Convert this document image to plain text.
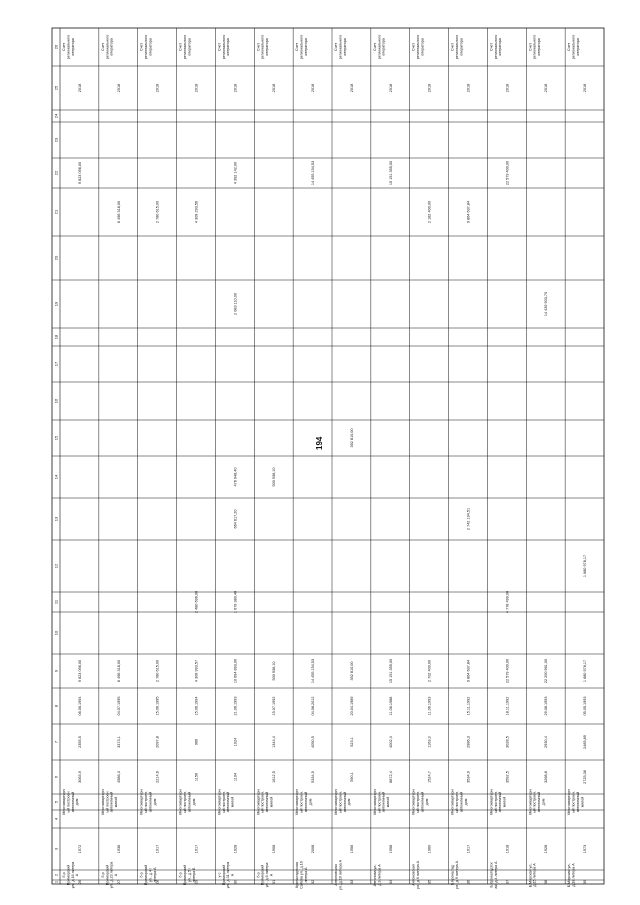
194
1
2
3
4
5
6
7
8
9
10
11
12
13
14
15
16
17
18
19
20
21
22
23
24
25
26
26
б-р Приморский ул., д.16 литера А
1972
Многоквартирн ый построен автономный дом
3063,9
2355,5
06.06.1994
9 823 096,00
9 823 096,00
2018
Счет регионального оператора
27
б-р Приморский ул., д.23 литера А
1936
Многоквартирн ый построен автономный жилой
4586,3
3373,1
04.07.1995
6 496 318,00
6 496 318,00
2018
Счет регионального оператора
28
б-р Приморский ул., д.4 / литера А
1917
Многоквартирн ый построен, автономный дом
2214,6
2097,8
15.06.1995
2 780 615,00
2 780 615,00
2018
Счет регионального оператора
29
б-р Приморский ул., д.5 / литера Б
1917
Многоквартирн ый построен, автономный дом
1156
966
15.06.1994
4 309 993,57
2 480 696,00
4 309 293,56
2018
Счет регионального оператора
30
у-с Приморский ул., д.31 литера А
1928
Многоквартирн ый построен, автономный жилой
1104
1024
21.06.1993
10 694 893,00
1 679 380,40
664 617,20
476 948,40
2 083 110,00
4 392 142,00
2018
Счет регионального оператора
31
б-р Приморский ул., д.6 литера А
1906
Многоквартирн ый построен, автономный жилой
1612,5
1344,4
15.07.1992
500 936,10
500 936,10
2018
Счет регионального оператора
32
Кронштадтская Салова ул., д.16 литера А
2008
Многоквартирн ый построен, автономный дом
5334,5
4050,5
04.08.2012
14 455 154,53
14 455 154,53
2018
Счет регионального оператора
33
Антоновская ул., д.10 литера А
1956
Многоквартирн ый построен, автономный дом
590,1
523,1
20.04.1989
392 810,00
392 810,00
2018
Счет регионального оператора
34
Антонова ул., д.3 литера А
1958
Многоквартирн ый построен, автономный жилой
8872,4
4002,4
11.06.1988
15 151 355,00
15 151 355,00
2018
Счет регионального оператора
35
Антоновская ул., д.6 литера А
1960
Многоквартирн ый построен, автономный дом
1524,7
1163,3
11.06.1993
2 702 400,00
2 182 400,00
2018
Счет регионального оператора
36
Б.Кронштад ул., д.9 литера А
1917
Многоквартирн ый построен, автономный дом
3534,9
2986,3
15.11.1992
9 864 637,84
2 742 194,51
9 864 637,84
2018
Счет регионального оператора
37
Б.Кронштадтск ая, д.4 литера А
1918
Многоквартирн ый построен, автономный жилой
3592,5
3028,5
18.11.1992
22 579 400,00
4 778 499,00
22 579 400,00
2018
Счет регионального оператора
38
Б.Морская ул., д.15 литера А
1928
Многоквартирн ый построен, автономный дом
3268,8
2930,4
29.08.1993
22 200 961,00
14 439 903,70
2018
Счет регионального оператора
39
Б.Морская ул., д.18 литера А
1973
Многоквартирн ый построен, автономный жилой
2725,36
2485,89
05.05.1993
1 680 978,17
1 680 978,17
2018
Счет регионального оператора
